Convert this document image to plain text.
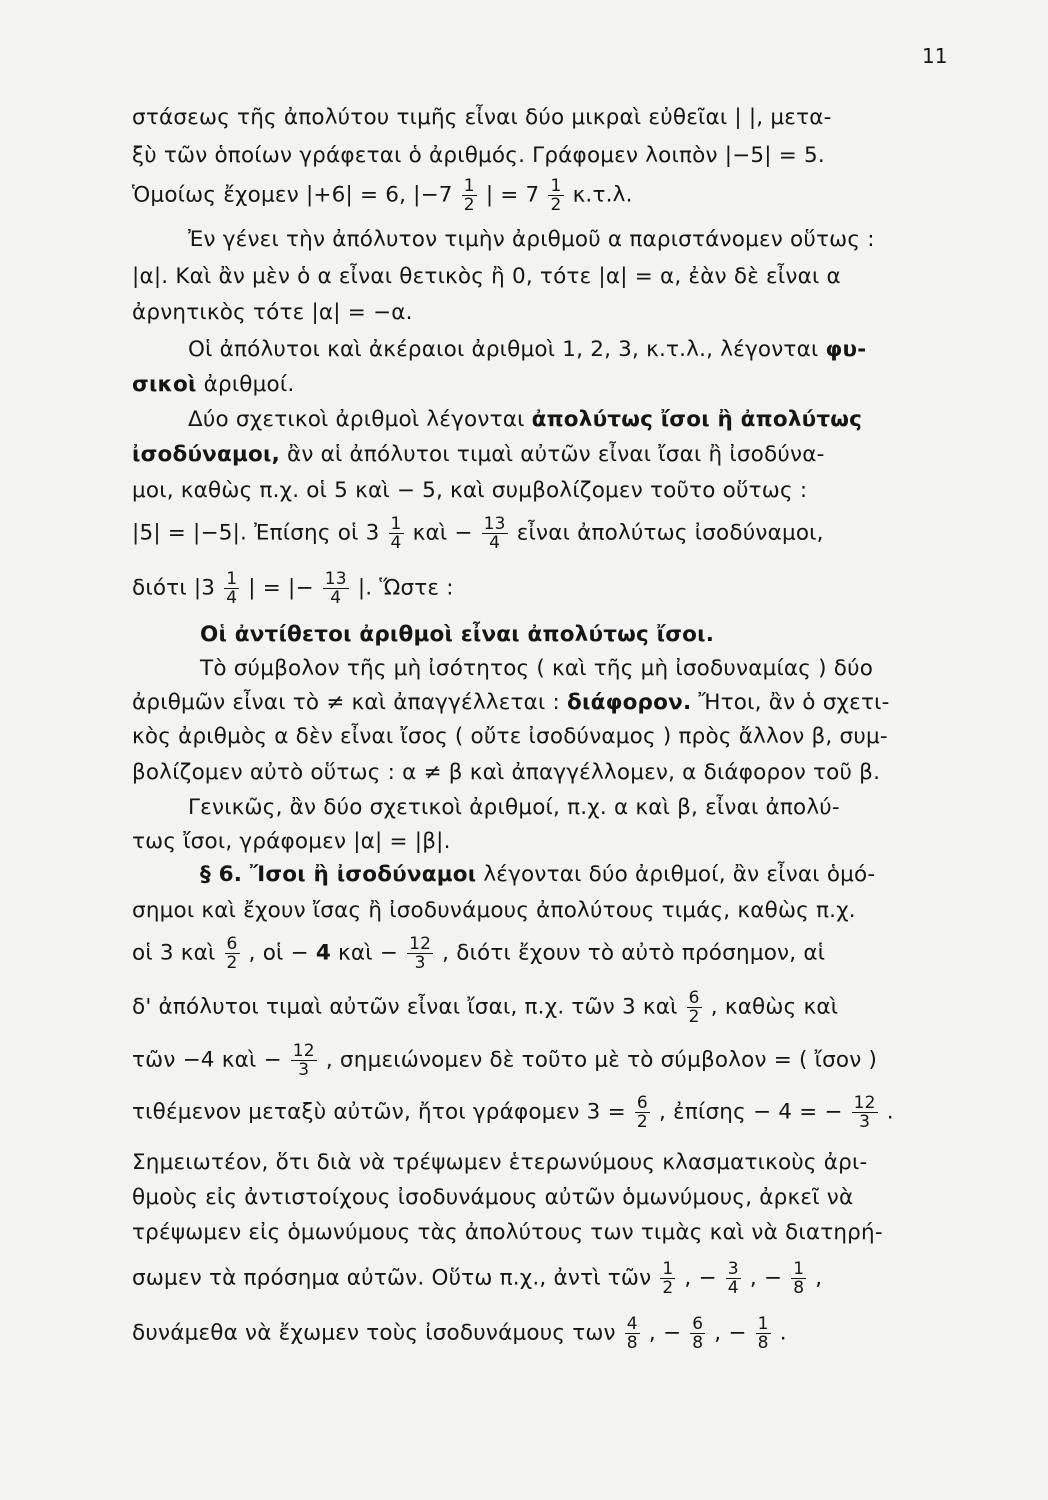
11
στάσεως τῆς ἀπολύτου τιμῆς εἶναι δύο μικραὶ εὐθεῖαι | |, μετα-
ξὺ τῶν ὁποίων γράφεται ὁ ἀριθμός. Γράφομεν λοιπὸν |−5| = 5.
Ὁμοίως ἔχομεν |+6| = 6, $|-7 \frac{1}{2}$ | = $7 \frac{1}{2} \kappa.\tau.\lambda$.
Ἐν γένει τὴν ἀπόλυτον τιμὴν ἀριθμοῦ α παριστάνομεν οὕτως :
|α|. Καὶ ἂν μὲν ὁ α εἶναι θετικὸς ἢ 0, τότε |α| = α, ἐὰν δὲ εἶναι α
ἀρνητικὸς τότε |α| = −α.
Οἱ ἀπόλυτοι καὶ ἀκέραιοι ἀριθμοὶ 1, 2, 3, κ.τ.λ., λέγονται φυ-
σικοὶ ἀριθμοί.
Δύο σχετικοὶ ἀριθμοὶ λέγονται ἀπολύτως ἴσοι ἢ ἀπολύτως
ἰσοδύναμοι, ἂν αἱ ἀπόλυτοι τιμαὶ αὐτῶν εἶναι ἴσαι ἢ ἰσοδύνα-
μοι, καθὼς π.χ. οἱ 5 καὶ − 5, καὶ συμβολίζομεν τοῦτο οὕτως :
|5| = |−5|. Ἐπίσης οἱ $3 \frac{1}{4}$ καὶ − $\frac{13}{4}$ εἶναι ἀπολύτως ἰσοδύναμοι,
διότι $|3 \frac{1}{4}$ | = |− $\frac{13}{4}$ |. Ὥστε :
Οἱ ἀντίθετοι ἀριθμοὶ εἶναι ἀπολύτως ἴσοι.
Τὸ σύμβολον τῆς μὴ ἰσότητος ( καὶ τῆς μὴ ἰσοδυναμίας ) δύο
ἀριθμῶν εἶναι τὸ ≠ καὶ ἀπαγγέλλεται : διάφορον. Ἤτοι, ἂν ὁ σχετι-
κὸς ἀριθμὸς α δὲν εἶναι ἴσος ( οὔτε ἰσοδύναμος ) πρὸς ἄλλον β, συμ-
βολίζομεν αὐτὸ οὕτως : α ≠ β καὶ ἀπαγγέλλομεν, α διάφορον τοῦ β.
Γενικῶς, ἂν δύο σχετικοὶ ἀριθμοί, π.χ. α καὶ β, εἶναι ἀπολύ-
τως ἴσοι, γράφομεν |α| = |β|.
§ 6. Ἴσοι ἢ ἰσοδύναμοι λέγονται δύο ἀριθμοί, ἂν εἶναι ὁμό-
σημοι καὶ ἔχουν ἴσας ἢ ἰσοδυνάμους ἀπολύτους τιμάς, καθὼς π.χ.
οἱ 3 καὶ $\frac{6}{2}$ , οἱ − 4 καὶ − $\frac{12}{3}$ , διότι ἔχουν τὸ αὐτὸ πρόσημον, αἱ
δ' ἀπόλυτοι τιμαὶ αὐτῶν εἶναι ἴσαι, π.χ. τῶν 3 καὶ $\frac{6}{2}$ , καθὼς καὶ
τῶν −4 καὶ − $\frac{12}{3}$ , σημειώνομεν δὲ τοῦτο μὲ τὸ σύμβολον = ( ἴσον )
τιθέμενον μεταξὺ αὐτῶν, ἤτοι γράφομεν $3 = \frac{6}{2}$ , ἐπίσης − 4 = − $\frac{12}{3}$ .
Σημειωτέον, ὅτι διὰ νὰ τρέψωμεν ἑτερωνύμους κλασματικοὺς ἀρι-
θμοὺς εἰς ἀντιστοίχους ἰσοδυνάμους αὐτῶν ὁμωνύμους, ἀρκεῖ νὰ
τρέψωμεν εἰς ὁμωνύμους τὰς ἀπολύτους των τιμὰς καὶ νὰ διατηρή-
σωμεν τὰ πρόσημα αὐτῶν. Οὕτω π.χ., ἀντὶ τῶν $\frac{1}{2}$ , − $\frac{3}{4}$ , − $\frac{1}{8}$ ,
δυνάμεθα νὰ ἔχωμεν τοὺς ἰσοδυνάμους των $\frac{4}{8}$ , − $\frac{6}{8}$ , − $\frac{1}{8}$ .
